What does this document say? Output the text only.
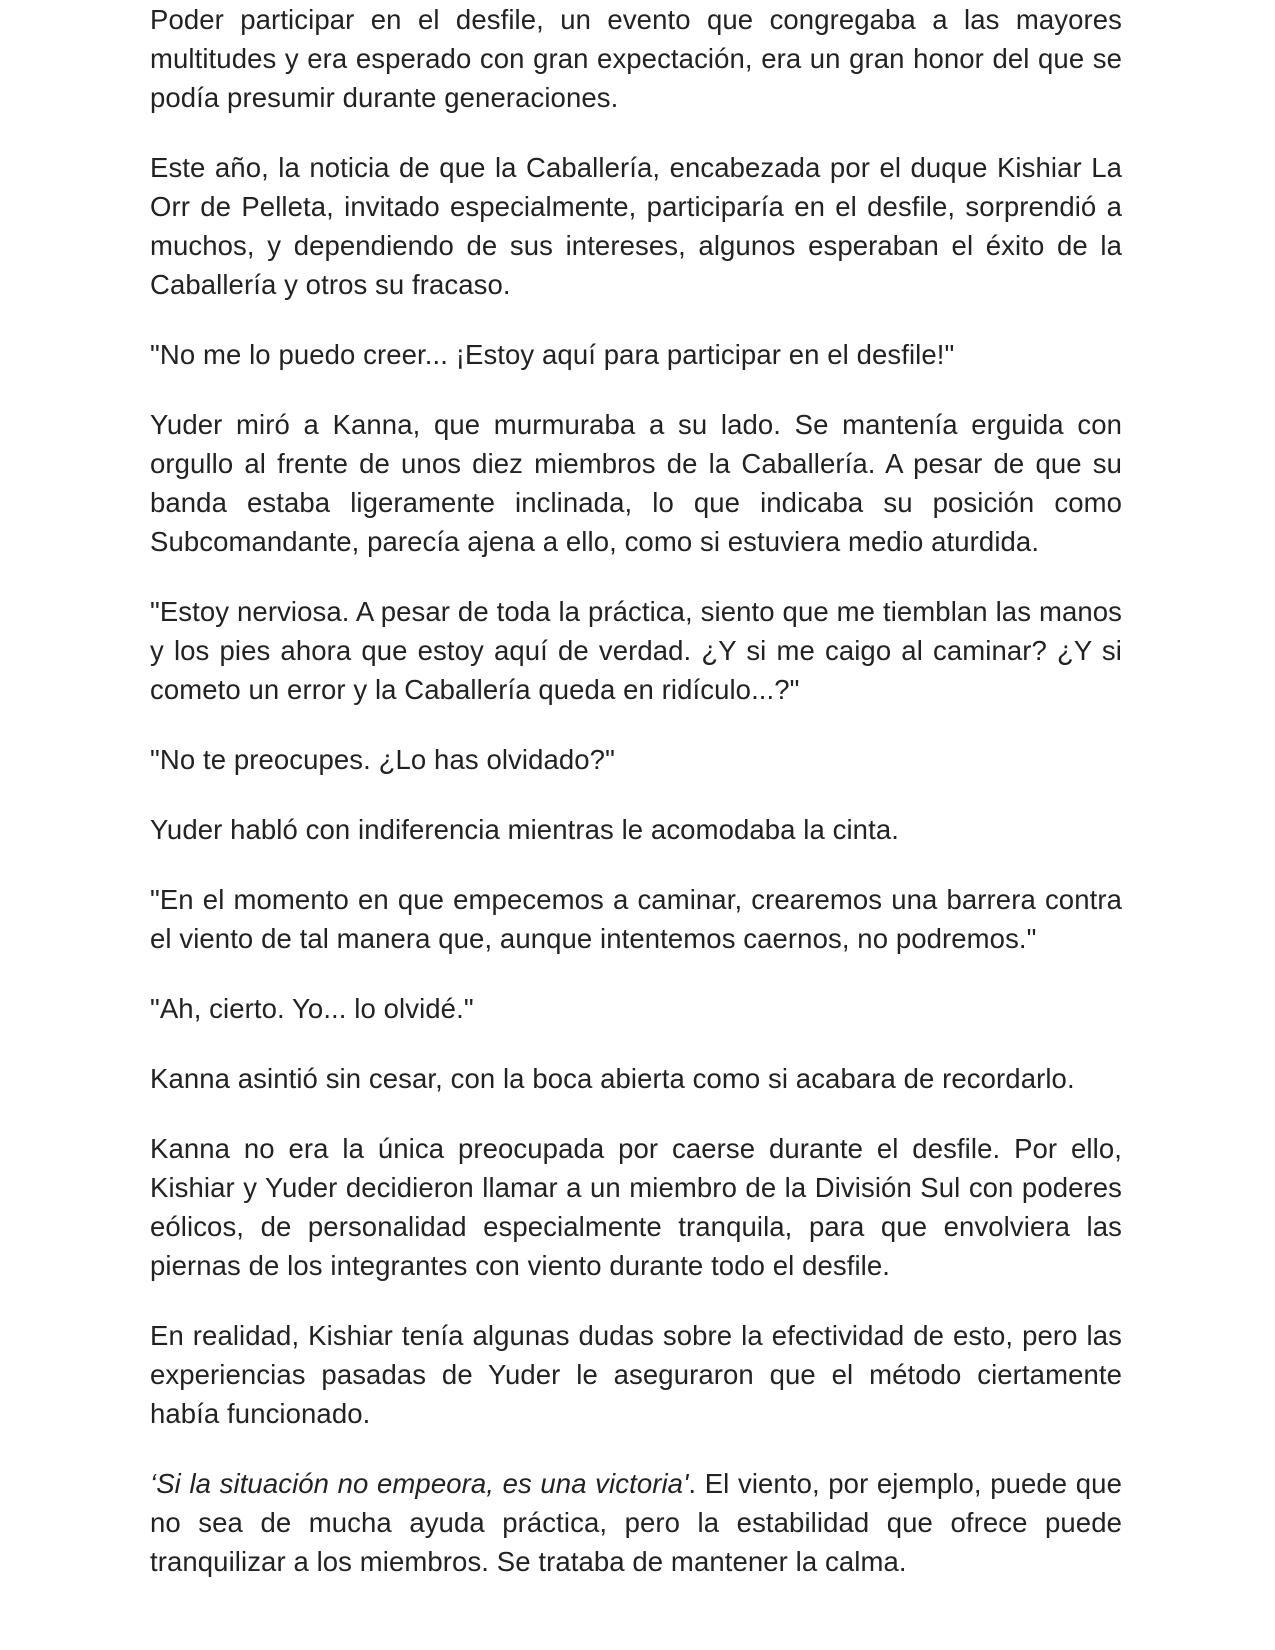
Poder participar en el desfile, un evento que congregaba a las mayores multitudes y era esperado con gran expectación, era un gran honor del que se podía presumir durante generaciones.

Este año, la noticia de que la Caballería, encabezada por el duque Kishiar La Orr de Pelleta, invitado especialmente, participaría en el desfile, sorprendió a muchos, y dependiendo de sus intereses, algunos esperaban el éxito de la Caballería y otros su fracaso.

"No me lo puedo creer... ¡Estoy aquí para participar en el desfile!"

Yuder miró a Kanna, que murmuraba a su lado. Se mantenía erguida con orgullo al frente de unos diez miembros de la Caballería. A pesar de que su banda estaba ligeramente inclinada, lo que indicaba su posición como Subcomandante, parecía ajena a ello, como si estuviera medio aturdida.

"Estoy nerviosa. A pesar de toda la práctica, siento que me tiemblan las manos y los pies ahora que estoy aquí de verdad. ¿Y si me caigo al caminar? ¿Y si cometo un error y la Caballería queda en ridículo...?"

"No te preocupes. ¿Lo has olvidado?"

Yuder habló con indiferencia mientras le acomodaba la cinta.

"En el momento en que empecemos a caminar, crearemos una barrera contra el viento de tal manera que, aunque intentemos caernos, no podremos."

"Ah, cierto. Yo... lo olvidé."

Kanna asintió sin cesar, con la boca abierta como si acabara de recordarlo.

Kanna no era la única preocupada por caerse durante el desfile. Por ello, Kishiar y Yuder decidieron llamar a un miembro de la División Sul con poderes eólicos, de personalidad especialmente tranquila, para que envolviera las piernas de los integrantes con viento durante todo el desfile.

En realidad, Kishiar tenía algunas dudas sobre la efectividad de esto, pero las experiencias pasadas de Yuder le aseguraron que el método ciertamente había funcionado.

‘Si la situación no empeora, es una victoria'. El viento, por ejemplo, puede que no sea de mucha ayuda práctica, pero la estabilidad que ofrece puede tranquilizar a los miembros. Se trataba de mantener la calma.
